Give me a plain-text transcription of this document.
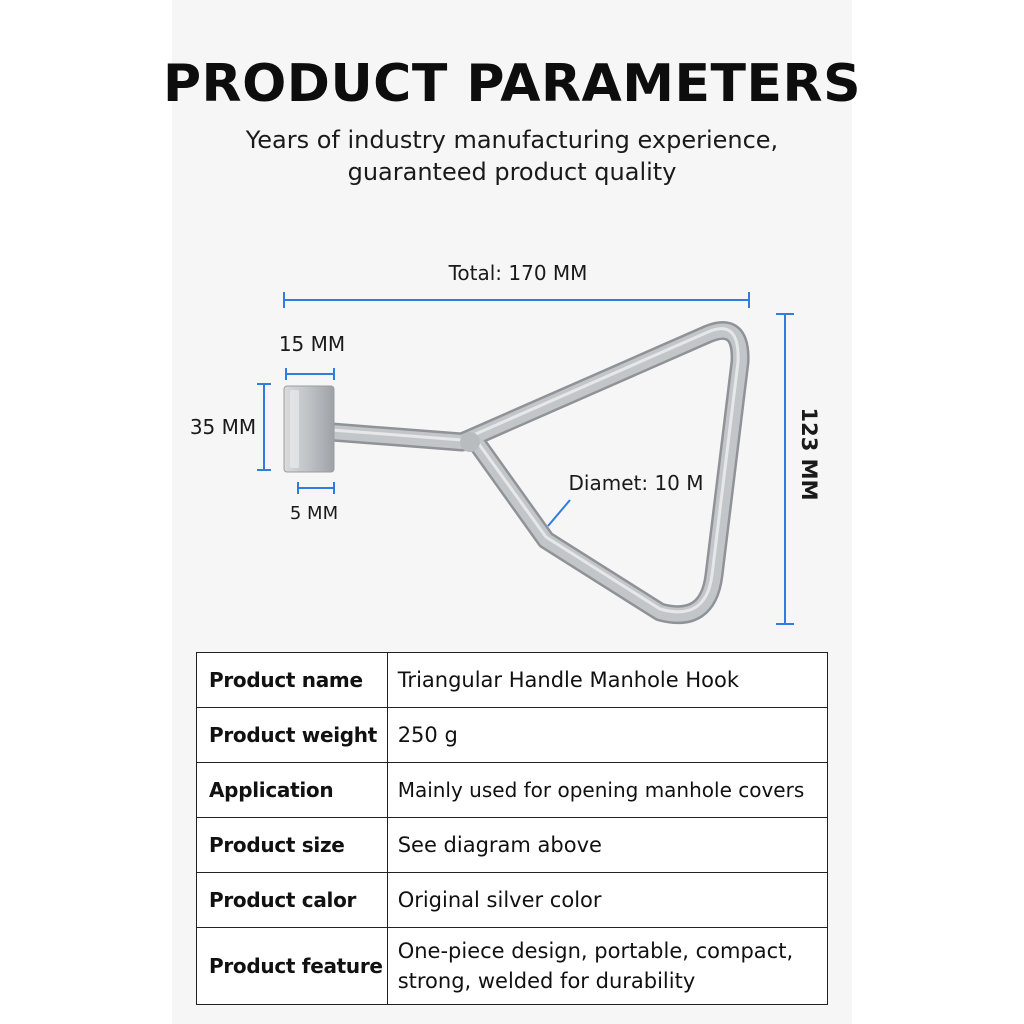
PRODUCT PARAMETERS
Years of industry manufacturing experience,
guaranteed product quality
Total: 170 MM
15 MM
35 MM
5 MM
Diamet: 10 M	123 MM
Product name	Triangular Handle Manhole Hook
Product weight	250 g
Application	Mainly used for opening manhole covers
Product size	See diagram above
Product calor	Original silver color
Product feature	One-piece design, portable, compact,
strong, welded for durability
